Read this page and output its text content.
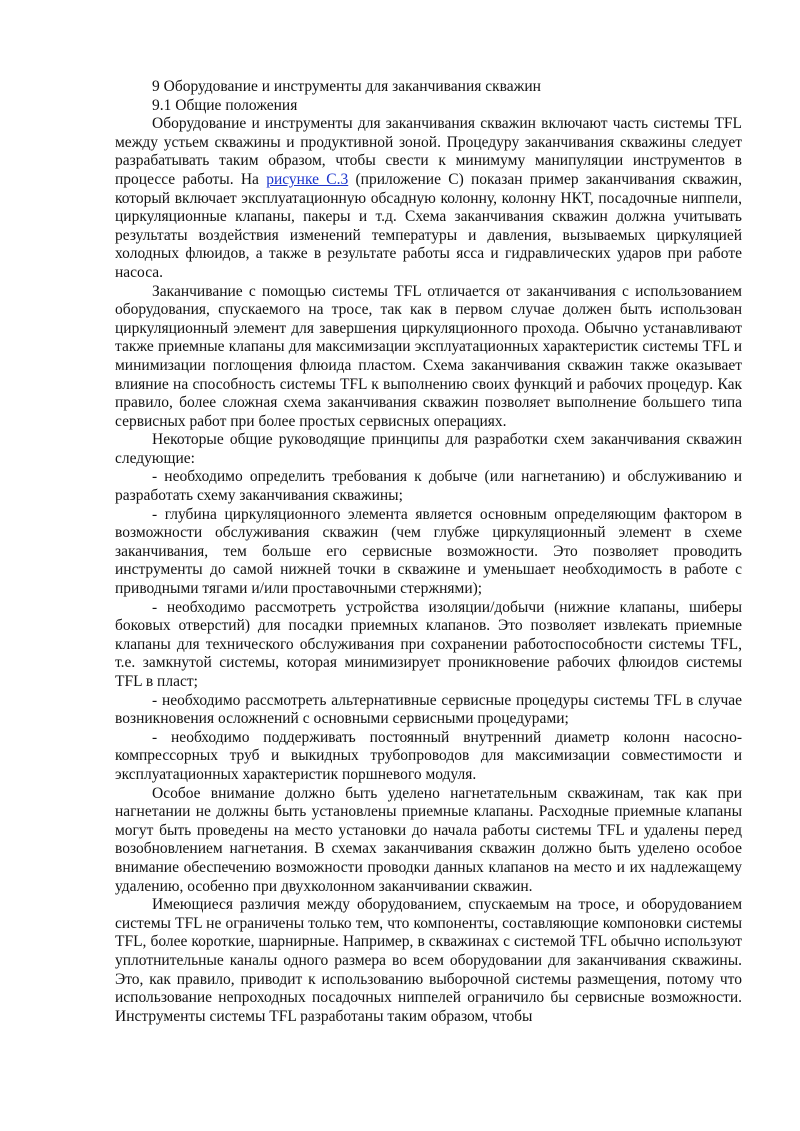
9 Оборудование и инструменты для заканчивания скважин

9.1 Общие положения

Оборудование и инструменты для заканчивания скважин включают часть системы TFL между устьем скважины и продуктивной зоной. Процедуру заканчивания скважины следует разрабатывать таким образом, чтобы свести к минимуму манипуляции инструментов в процессе работы. На рисунке С.3 (приложение С) показан пример заканчивания скважин, который включает эксплуатационную обсадную колонну, колонну НКТ, посадочные ниппели, циркуляционные клапаны, пакеры и т.д. Схема заканчивания скважин должна учитывать результаты воздействия изменений температуры и давления, вызываемых циркуляцией холодных флюидов, а также в результате работы ясса и гидравлических ударов при работе насоса.

Заканчивание с помощью системы TFL отличается от заканчивания с использованием оборудования, спускаемого на тросе, так как в первом случае должен быть использован циркуляционный элемент для завершения циркуляционного прохода. Обычно устанавливают также приемные клапаны для максимизации эксплуатационных характеристик системы TFL и минимизации поглощения флюида пластом. Схема заканчивания скважин также оказывает влияние на способность системы TFL к выполнению своих функций и рабочих процедур. Как правило, более сложная схема заканчивания скважин позволяет выполнение большего типа сервисных работ при более простых сервисных операциях.

Некоторые общие руководящие принципы для разработки схем заканчивания скважин следующие:

- необходимо определить требования к добыче (или нагнетанию) и обслуживанию и разработать схему заканчивания скважины;

- глубина циркуляционного элемента является основным определяющим фактором в возможности обслуживания скважин (чем глубже циркуляционный элемент в схеме заканчивания, тем больше его сервисные возможности. Это позволяет проводить инструменты до самой нижней точки в скважине и уменьшает необходимость в работе с приводными тягами и/или проставочными стержнями);

- необходимо рассмотреть устройства изоляции/добычи (нижние клапаны, шиберы боковых отверстий) для посадки приемных клапанов. Это позволяет извлекать приемные клапаны для технического обслуживания при сохранении работоспособности системы TFL, т.е. замкнутой системы, которая минимизирует проникновение рабочих флюидов системы TFL в пласт;

- необходимо рассмотреть альтернативные сервисные процедуры системы TFL в случае возникновения осложнений с основными сервисными процедурами;

- необходимо поддерживать постоянный внутренний диаметр колонн насосно-компрессорных труб и выкидных трубопроводов для максимизации совместимости и эксплуатационных характеристик поршневого модуля.

Особое внимание должно быть уделено нагнетательным скважинам, так как при нагнетании не должны быть установлены приемные клапаны. Расходные приемные клапаны могут быть проведены на место установки до начала работы системы TFL и удалены перед возобновлением нагнетания. В схемах заканчивания скважин должно быть уделено особое внимание обеспечению возможности проводки данных клапанов на место и их надлежащему удалению, особенно при двухколонном заканчивании скважин.

Имеющиеся различия между оборудованием, спускаемым на тросе, и оборудованием системы TFL не ограничены только тем, что компоненты, составляющие компоновки системы TFL, более короткие, шарнирные. Например, в скважинах с системой TFL обычно используют уплотнительные каналы одного размера во всем оборудовании для заканчивания скважины. Это, как правило, приводит к использованию выборочной системы размещения, потому что использование непроходных посадочных ниппелей ограничило бы сервисные возможности. Инструменты системы TFL разработаны таким образом, чтобы
